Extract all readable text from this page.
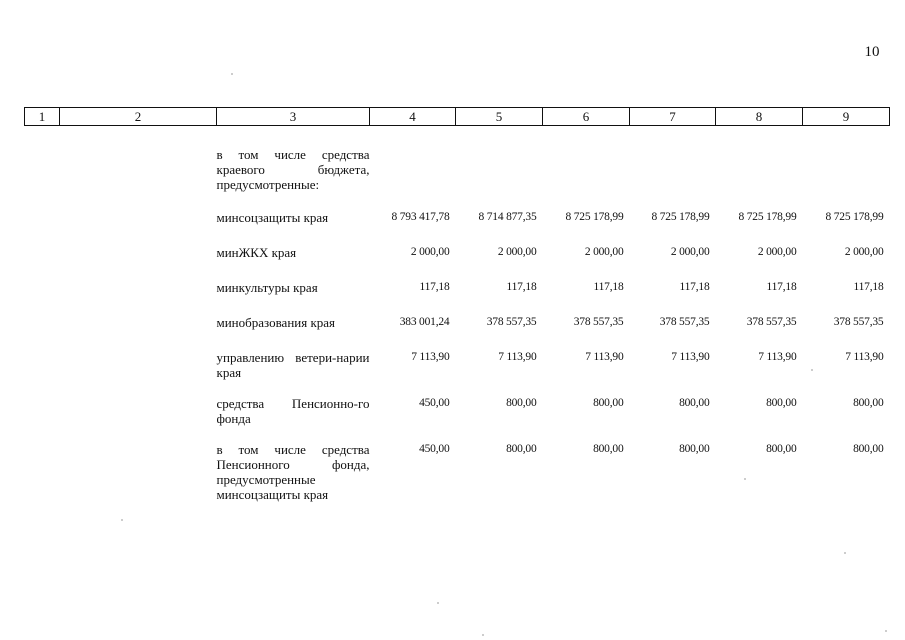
10
1	2	3	4	5	6	7	8	9
		в том числе средства краевого бюджета, предусмотренные:						
		минсоцзащиты края	8 793 417,78	8 714 877,35	8 725 178,99	8 725 178,99	8 725 178,99	8 725 178,99
		минЖКХ края	2 000,00	2 000,00	2 000,00	2 000,00	2 000,00	2 000,00
		минкультуры края	117,18	117,18	117,18	117,18	117,18	117,18
		минобразования края	383 001,24	378 557,35	378 557,35	378 557,35	378 557,35	378 557,35
		управлению ветери-нарии края	7 113,90	7 113,90	7 113,90	7 113,90	7 113,90	7 113,90
		средства Пенсионно-го фонда	450,00	800,00	800,00	800,00	800,00	800,00
		в том числе средства Пенсионного фонда, предусмотренные минсоцзащиты края	450,00	800,00	800,00	800,00	800,00	800,00
